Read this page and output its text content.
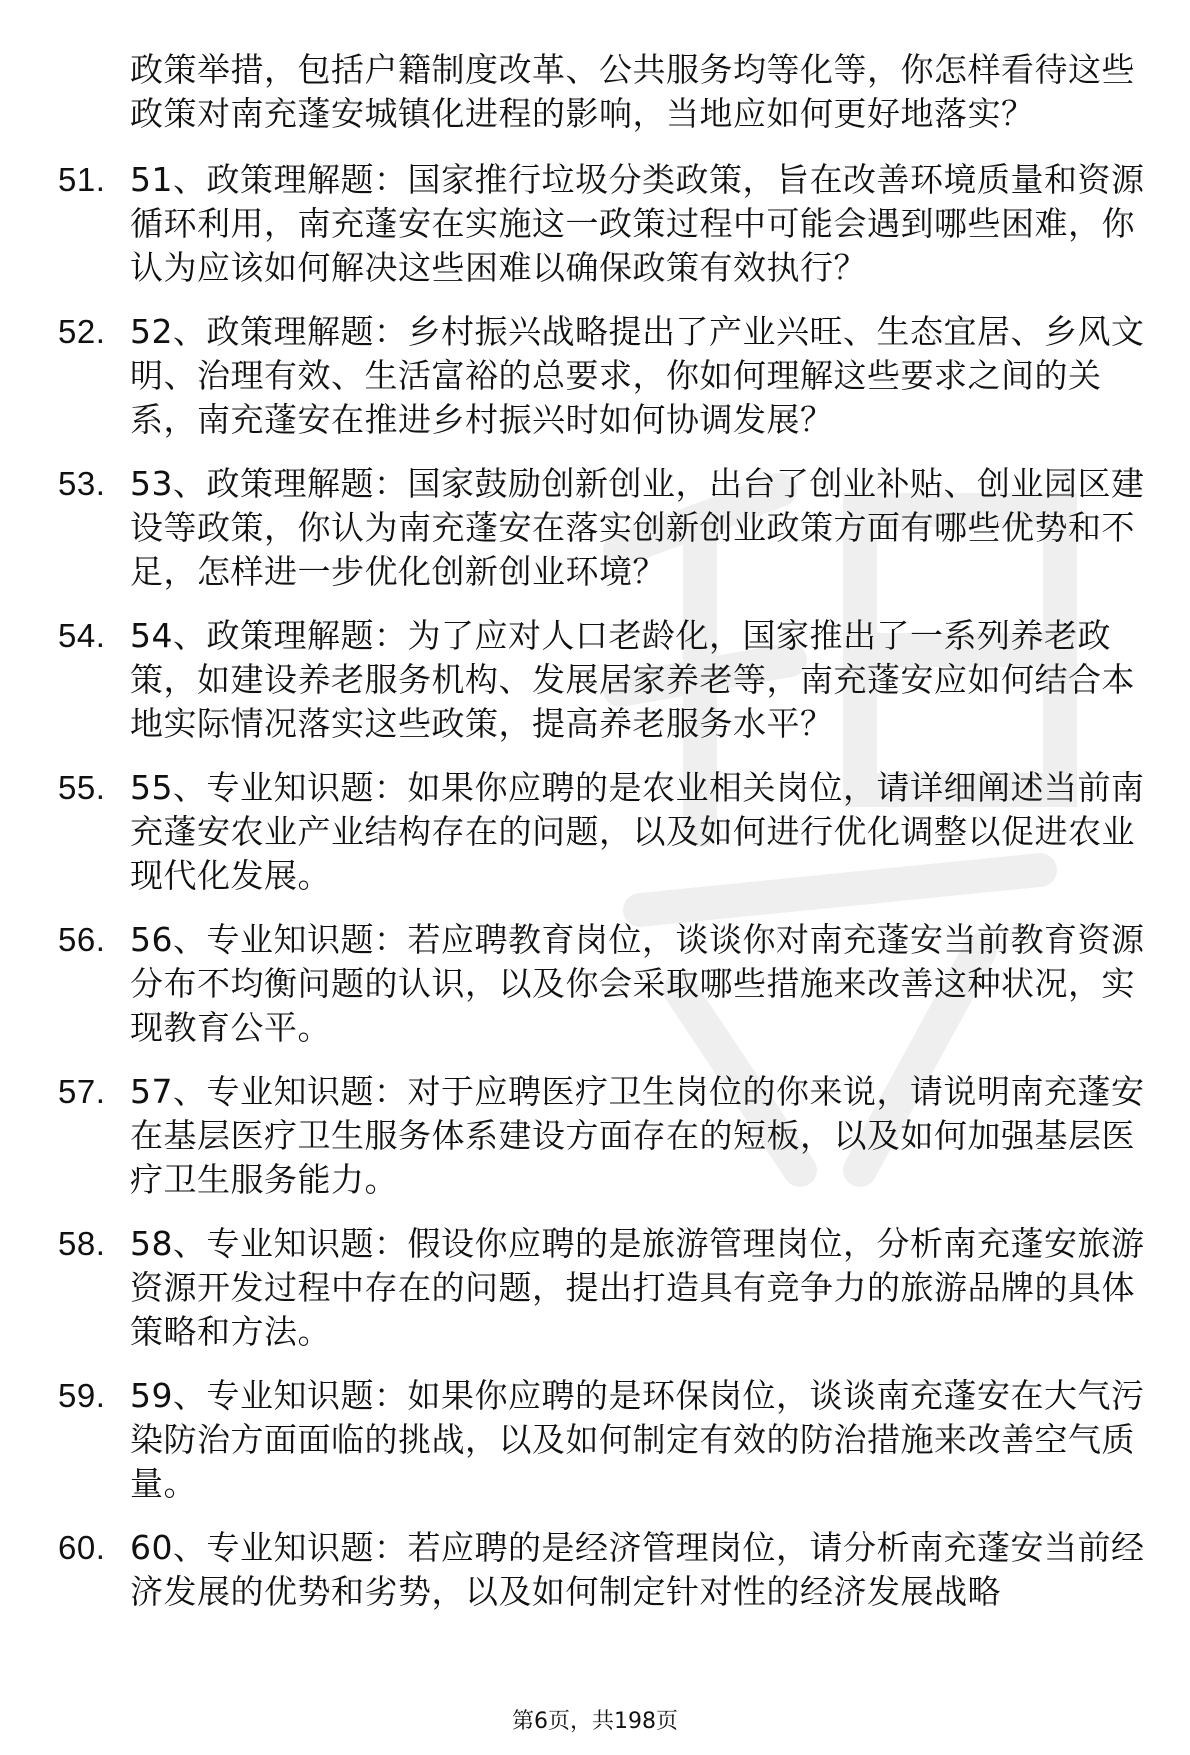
政策举措，包括户籍制度改革、公共服务均等化等，你怎样看待这些政策对南充蓬安城镇化进程的影响，当地应如何更好地落实？
51. 51、政策理解题：国家推行垃圾分类政策，旨在改善环境质量和资源循环利用，南充蓬安在实施这一政策过程中可能会遇到哪些困难，你认为应该如何解决这些困难以确保政策有效执行？
52. 52、政策理解题：乡村振兴战略提出了产业兴旺、生态宜居、乡风文明、治理有效、生活富裕的总要求，你如何理解这些要求之间的关系，南充蓬安在推进乡村振兴时如何协调发展？
53. 53、政策理解题：国家鼓励创新创业，出台了创业补贴、创业园区建设等政策，你认为南充蓬安在落实创新创业政策方面有哪些优势和不足，怎样进一步优化创新创业环境？
54. 54、政策理解题：为了应对人口老龄化，国家推出了一系列养老政策，如建设养老服务机构、发展居家养老等，南充蓬安应如何结合本地实际情况落实这些政策，提高养老服务水平？
55. 55、专业知识题：如果你应聘的是农业相关岗位，请详细阐述当前南充蓬安农业产业结构存在的问题，以及如何进行优化调整以促进农业现代化发展。
56. 56、专业知识题：若应聘教育岗位，谈谈你对南充蓬安当前教育资源分布不均衡问题的认识，以及你会采取哪些措施来改善这种状况，实现教育公平。
57. 57、专业知识题：对于应聘医疗卫生岗位的你来说，请说明南充蓬安在基层医疗卫生服务体系建设方面存在的短板，以及如何加强基层医疗卫生服务能力。
58. 58、专业知识题：假设你应聘的是旅游管理岗位，分析南充蓬安旅游资源开发过程中存在的问题，提出打造具有竞争力的旅游品牌的具体策略和方法。
59. 59、专业知识题：如果你应聘的是环保岗位，谈谈南充蓬安在大气污染防治方面面临的挑战，以及如何制定有效的防治措施来改善空气质量。
60. 60、专业知识题：若应聘的是经济管理岗位，请分析南充蓬安当前经济发展的优势和劣势，以及如何制定针对性的经济发展战略
第6页，共198页
